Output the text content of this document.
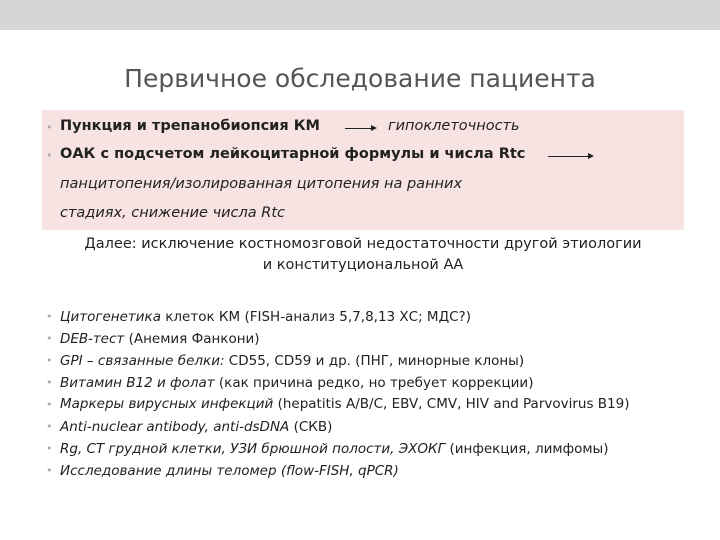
Первичное обследование пациента
• Пункция и трепанобиопсия КМ	гипоклеточность
• ОАК с подсчетом лейкоцитарной формулы и числа Rtc
панцитопения/изолированная цитопения на ранних
стадиях, снижение числа Rtc
Далее: исключение костномозговой недостаточности другой этиологии
и конституциональной АА
• Цитогенетика клеток КМ (FISH-анализ 5,7,8,13 ХС; МДС?)
• DEB-тест (Анемия Фанкони)
• GPI – связанные белки: CD55, CD59 и др. (ПНГ, минорные клоны)
• Витамин В12 и фолат (как причина редко, но требует коррекции)
• Маркеры вирусных инфекций (hepatitis A/B/C, EBV, CMV, HIV and Parvovirus B19)
• Anti-nuclear antibody, anti-dsDNA (СКВ)
• Rg, CT грудной клетки, УЗИ брюшной полости, ЭХОКГ (инфекция, лимфомы)
• Исследование длины теломер (flow-FISH, qPCR)
